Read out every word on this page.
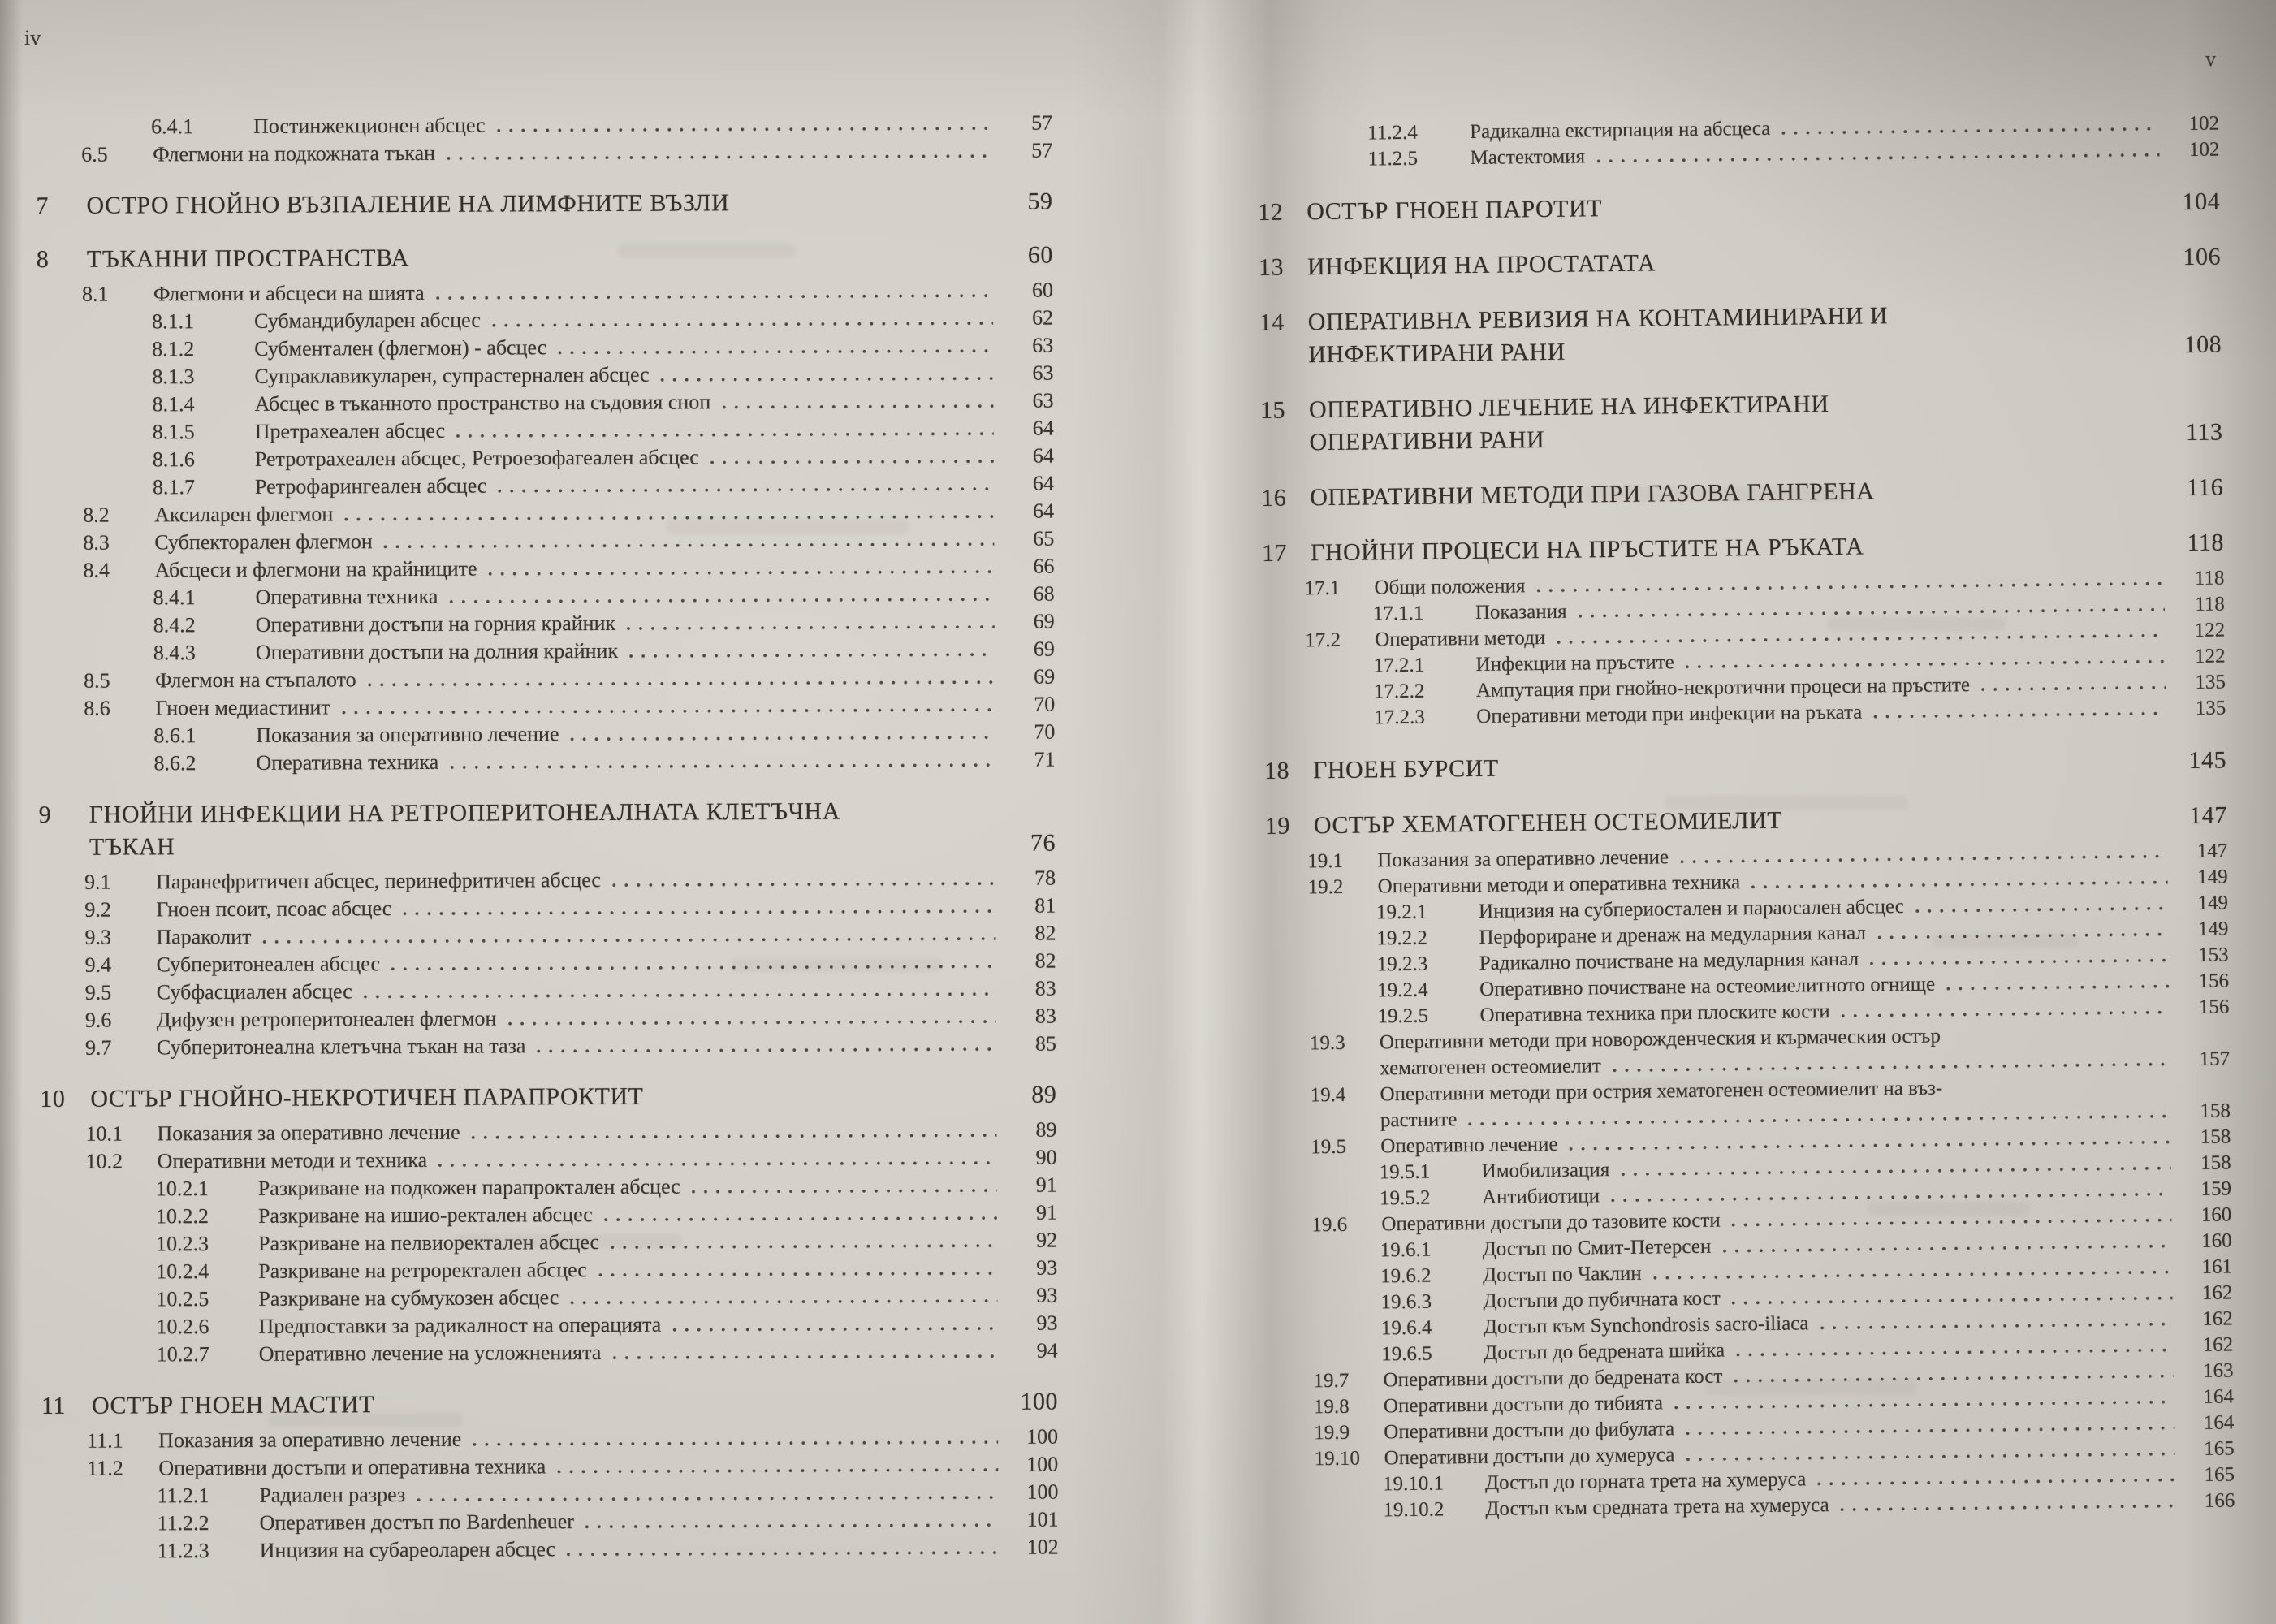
iv
v
6.4.1	Постинжекционен абсцес	57
6.5	Флегмони на подкожната тъкан	57
7	ОСТРО ГНОЙНО ВЪЗПАЛЕНИЕ НА ЛИМФНИТЕ ВЪЗЛИ	59
8	ТЪКАННИ ПРОСТРАНСТВА	60
8.1	Флегмони и абсцеси на шията	60
8.1.1	Субмандибуларен абсцес	62
8.1.2	Субментален (флегмон) - абсцес	63
8.1.3	Супраклавикуларен, супрастернален абсцес	63
8.1.4	Абсцес в тъканното пространство на съдовия сноп	63
8.1.5	Претрахеален абсцес	64
8.1.6	Ретротрахеален абсцес, Ретроезофагеален абсцес	64
8.1.7	Ретрофарингеален абсцес	64
8.2	Аксиларен флегмон	64
8.3	Субпекторален флегмон	65
8.4	Абсцеси и флегмони на крайниците	66
8.4.1	Оперативна техника	68
8.4.2	Оперативни достъпи на горния крайник	69
8.4.3	Оперативни достъпи на долния крайник	69
8.5	Флегмон на стъпалото	69
8.6	Гноен медиастинит	70
8.6.1	Показания за оперативно лечение	70
8.6.2	Оперативна техника	71
9	ГНОЙНИ ИНФЕКЦИИ НА РЕТРОПЕРИТОНЕАЛНАТА КЛЕТЪЧНА
ТЪКАН	76
9.1	Паранефритичен абсцес, перинефритичен абсцес	78
9.2	Гноен псоит, псоас абсцес	81
9.3	Параколит	82
9.4	Субперитонеален абсцес	82
9.5	Субфасциален абсцес	83
9.6	Дифузен ретроперитонеален флегмон	83
9.7	Субперитонеална клетъчна тъкан на таза	85
10	ОСТЪР ГНОЙНО-НЕКРОТИЧЕН ПАРАПРОКТИТ	89
10.1	Показания за оперативно лечение	89
10.2	Оперативни методи и техника	90
10.2.1	Разкриване на подкожен парапроктален абсцес	91
10.2.2	Разкриване на ишио-ректален абсцес	91
10.2.3	Разкриване на пелвиоректален абсцес	92
10.2.4	Разкриване на ретроректален абсцес	93
10.2.5	Разкриване на субмукозен абсцес	93
10.2.6	Предпоставки за радикалност на операцията	93
10.2.7	Оперативно лечение на усложненията	94
11	ОСТЪР ГНОЕН МАСТИТ	100
11.1	Показания за оперативно лечение	100
11.2	Оперативни достъпи и оперативна техника	100
11.2.1	Радиален разрез	100
11.2.2	Оперативен достъп по Bardenheuer	101
11.2.3	Инцизия на субареоларен абсцес	102
11.2.4	Радикална екстирпация на абсцеса	102
11.2.5	Мастектомия	102
12 ОСТЪР ГНОЕН ПАРОТИТ	104
13 ИНФЕКЦИЯ НА ПРОСТАТАТА	106
14 ОПЕРАТИВНА РЕВИЗИЯ НА КОНТАМИНИРАНИ И
ИНФЕКТИРАНИ РАНИ	108
15 ОПЕРАТИВНО ЛЕЧЕНИЕ НА ИНФЕКТИРАНИ
ОПЕРАТИВНИ РАНИ	113
16 ОПЕРАТИВНИ МЕТОДИ ПРИ ГАЗОВА ГАНГРЕНА	116
17 ГНОЙНИ ПРОЦЕСИ НА ПРЪСТИТЕ НА РЪКАТА	118
17.1	Общи положения	118
17.1.1	Показания	118
17.2	Оперативни методи	122
17.2.1	Инфекции на пръстите	122
17.2.2	Ампутация при гнойно-некротични процеси на пръстите	135
17.2.3	Оперативни методи при инфекции на ръката	135
18 ГНОЕН БУРСИТ	145
19 ОСТЪР ХЕМАТОГЕНЕН ОСТЕОМИЕЛИТ	147
19.1	Показания за оперативно лечение	147
19.2	Оперативни методи и оперативна техника	149
19.2.1	Инцизия на субпериостален и параосален абсцес	149
19.2.2	Перфориране и дренаж на медуларния канал	149
19.2.3	Радикално почистване на медуларния канал	153
19.2.4	Оперативно почистване на остеомиелитното огнище	156
19.2.5	Оперативна техника при плоските кости	156
19.3	Оперативни методи при новорожденческия и кърмаческия остър
хематогенен остеомиелит	157
19.4	Оперативни методи при острия хематогенен остеомиелит на въз-
растните	158
19.5	Оперативно лечение	158
19.5.1	Имобилизация	158
19.5.2	Антибиотици	159
19.6	Оперативни достъпи до тазовите кости	160
19.6.1	Достъп по Смит-Петерсен	160
19.6.2	Достъп по Чаклин	161
19.6.3	Достъпи до пубичната кост	162
19.6.4	Достъп към Synchondrosis sacro-iliaca	162
19.6.5	Достъп до бедрената шийка	162
19.7	Оперативни достъпи до бедрената кост	163
19.8	Оперативни достъпи до тибията	164
19.9	Оперативни достъпи до фибулата	164
19.10	Оперативни достъпи до хумеруса	165
19.10.1	Достъп до горната трета на хумеруса	165
19.10.2	Достъп към средната трета на хумеруса	166
